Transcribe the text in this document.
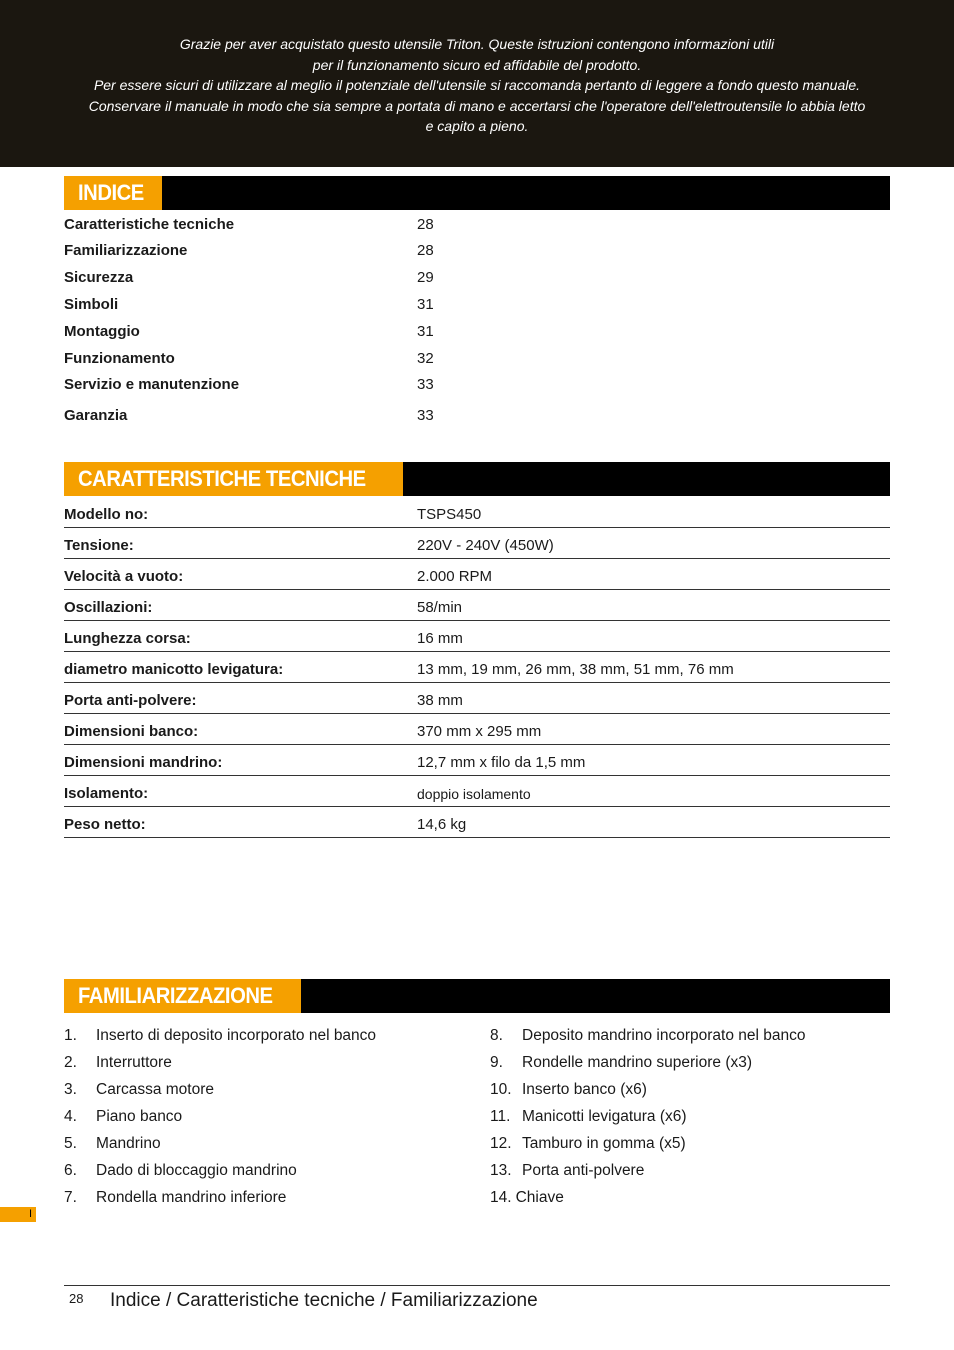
Grazie per aver acquistato questo utensile Triton. Queste istruzioni contengono informazioni utili

per il funzionamento sicuro ed affidabile del prodotto.

Per essere sicuri di utilizzare al meglio il potenziale dell'utensile si raccomanda pertanto di leggere a fondo questo manuale.

Conservare il manuale in modo che sia sempre a portata di mano e accertarsi che l'operatore dell'elettroutensile lo abbia letto

e capito a pieno.

INDICE
Caratteristiche tecniche	28
Familiarizzazione	28
Sicurezza	29
Simboli	31
Montaggio	31
Funzionamento	32
Servizio e manutenzione	33
Garanzia	33
CARATTERISTICHE TECNICHE
Modello no:	TSPS450
Tensione:	220V - 240V (450W)
Velocità a vuoto:	2.000 RPM
Oscillazioni:	58/min
Lunghezza corsa:	16 mm
diametro manicotto levigatura:	13 mm, 19 mm, 26 mm, 38 mm, 51 mm, 76 mm
Porta anti-polvere:	38 mm
Dimensioni banco:	370 mm x 295 mm
Dimensioni mandrino:	12,7 mm x filo da 1,5 mm
Isolamento:	doppio isolamento
Peso netto:	14,6 kg
FAMILIARIZZAZIONE
1. Inserto di deposito incorporato nel banco
2. Interruttore
3. Carcassa motore
4. Piano banco
5. Mandrino
6. Dado di bloccaggio mandrino
7. Rondella mandrino inferiore
8. Deposito mandrino incorporato nel banco
9. Rondelle mandrino superiore (x3)
10. Inserto banco (x6)
11. Manicotti levigatura (x6)
12. Tamburo in gomma (x5)
13. Porta anti-polvere
14. Chiave
I
28 Indice / Caratteristiche tecniche / Familiarizzazione
